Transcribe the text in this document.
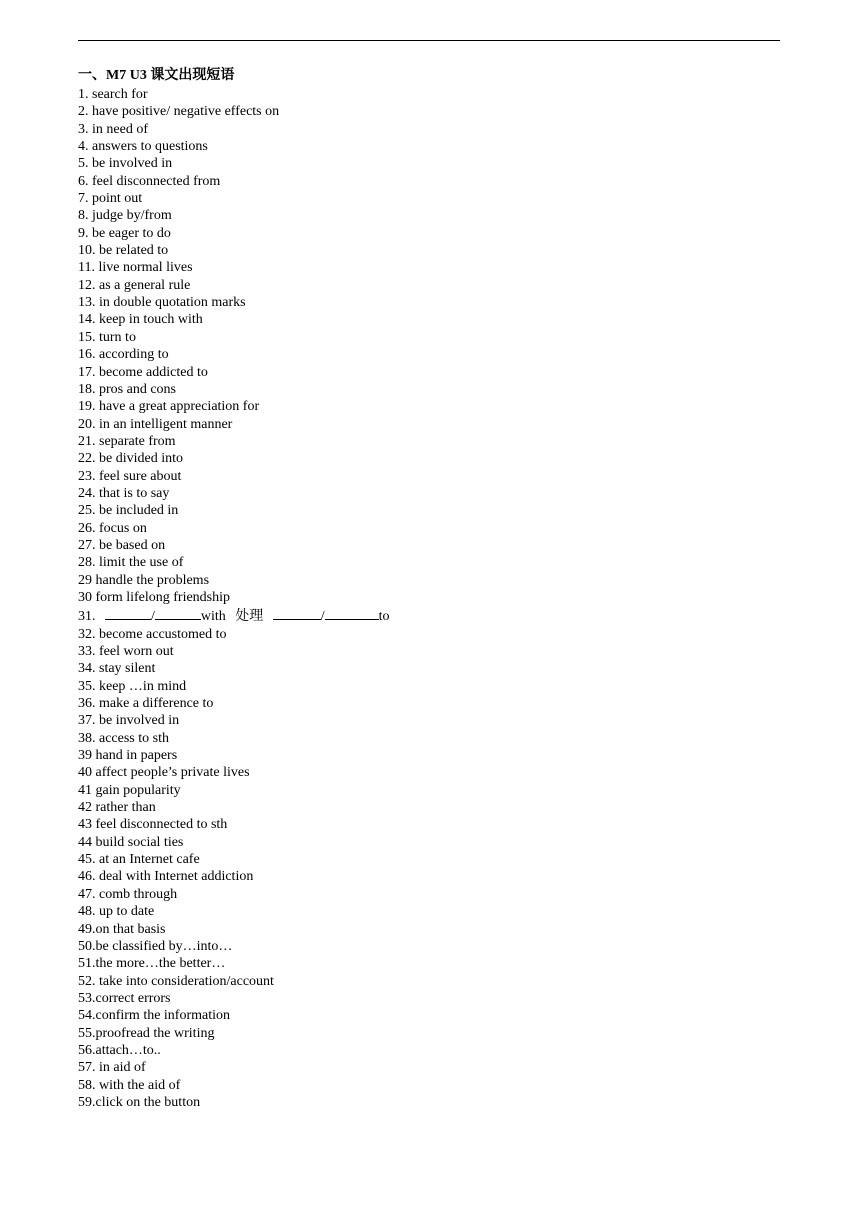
一、M7 U3 课文出现短语
1. search for
2. have positive/ negative effects on
3. in need of
4. answers to questions
5. be involved in
6. feel disconnected from
7. point out
8. judge by/from
9. be eager to do
10. be related to
11. live normal lives
12. as a general rule
13. in double quotation marks
14. keep in touch with
15. turn to
16. according to
17. become addicted to
18. pros and cons
19. have a great appreciation for
20. in an intelligent manner
21. separate from
22. be divided into
23. feel sure about
24. that is to say
25. be included in
26. focus on
27. be based on
28. limit the use of
29 handle the problems
30 form lifelong friendship
31.	/	with 处理	/	to
32. become accustomed to
33. feel worn out
34. stay silent
35. keep …in mind
36. make a difference to
37. be involved in
38. access to sth
39 hand in papers
40 affect people’s private lives
41 gain popularity
42 rather than
43 feel disconnected to sth
44 build social ties
45. at an Internet cafe
46. deal with Internet addiction
47. comb through
48. up to date
49.on that basis
50.be classified by…into…
51.the more…the better…
52. take into consideration/account
53.correct errors
54.confirm the information
55.proofread the writing
56.attach…to..
57. in aid of
58. with the aid of
59.click on the button
